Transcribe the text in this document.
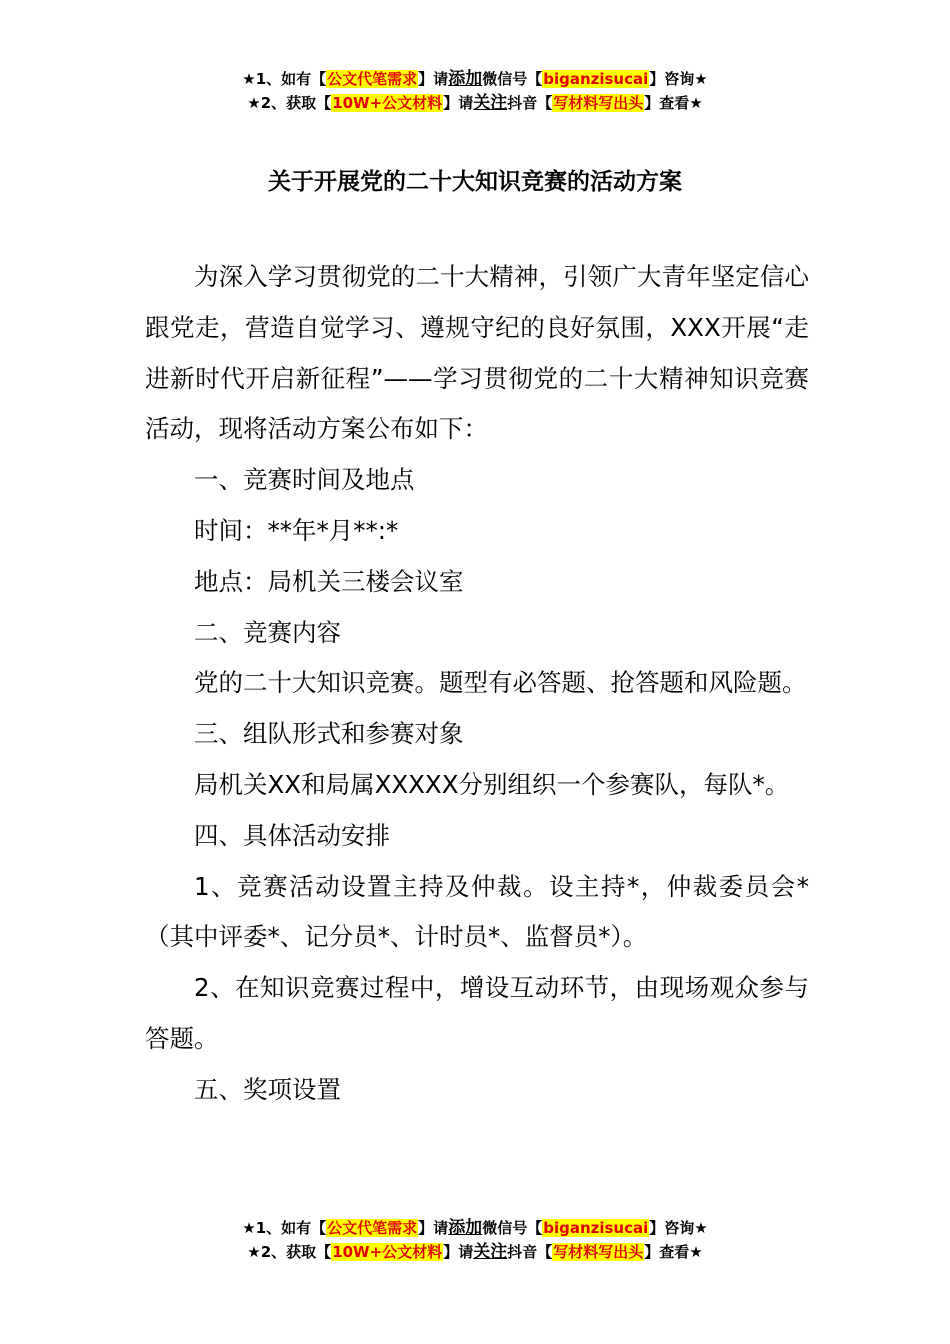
★1、如有【公文代笔需求】请添加微信号【biganzisucai】咨询★
★2、获取【10W+公文材料】请关注抖音【写材料写出头】查看★
关于开展党的二十大知识竞赛的活动方案

为深入学习贯彻党的二十大精神，引领广大青年坚定信心跟党走，营造自觉学习、遵规守纪的良好氛围，XXX开展“走进新时代开启新征程”——学习贯彻党的二十大精神知识竞赛活动，现将活动方案公布如下：

一、竞赛时间及地点

时间：**年*月**:*

地点：局机关三楼会议室

二、竞赛内容

党的二十大知识竞赛。题型有必答题、抢答题和风险题。

三、组队形式和参赛对象

局机关XX和局属XXXXX分别组织一个参赛队，每队*。

四、具体活动安排

1、竞赛活动设置主持及仲裁。设主持*，仲裁委员会*（其中评委*、记分员*、计时员*、监督员*）。

2、在知识竞赛过程中，增设互动环节，由现场观众参与答题。

五、奖项设置

★1、如有【公文代笔需求】请添加微信号【biganzisucai】咨询★
★2、获取【10W+公文材料】请关注抖音【写材料写出头】查看★
